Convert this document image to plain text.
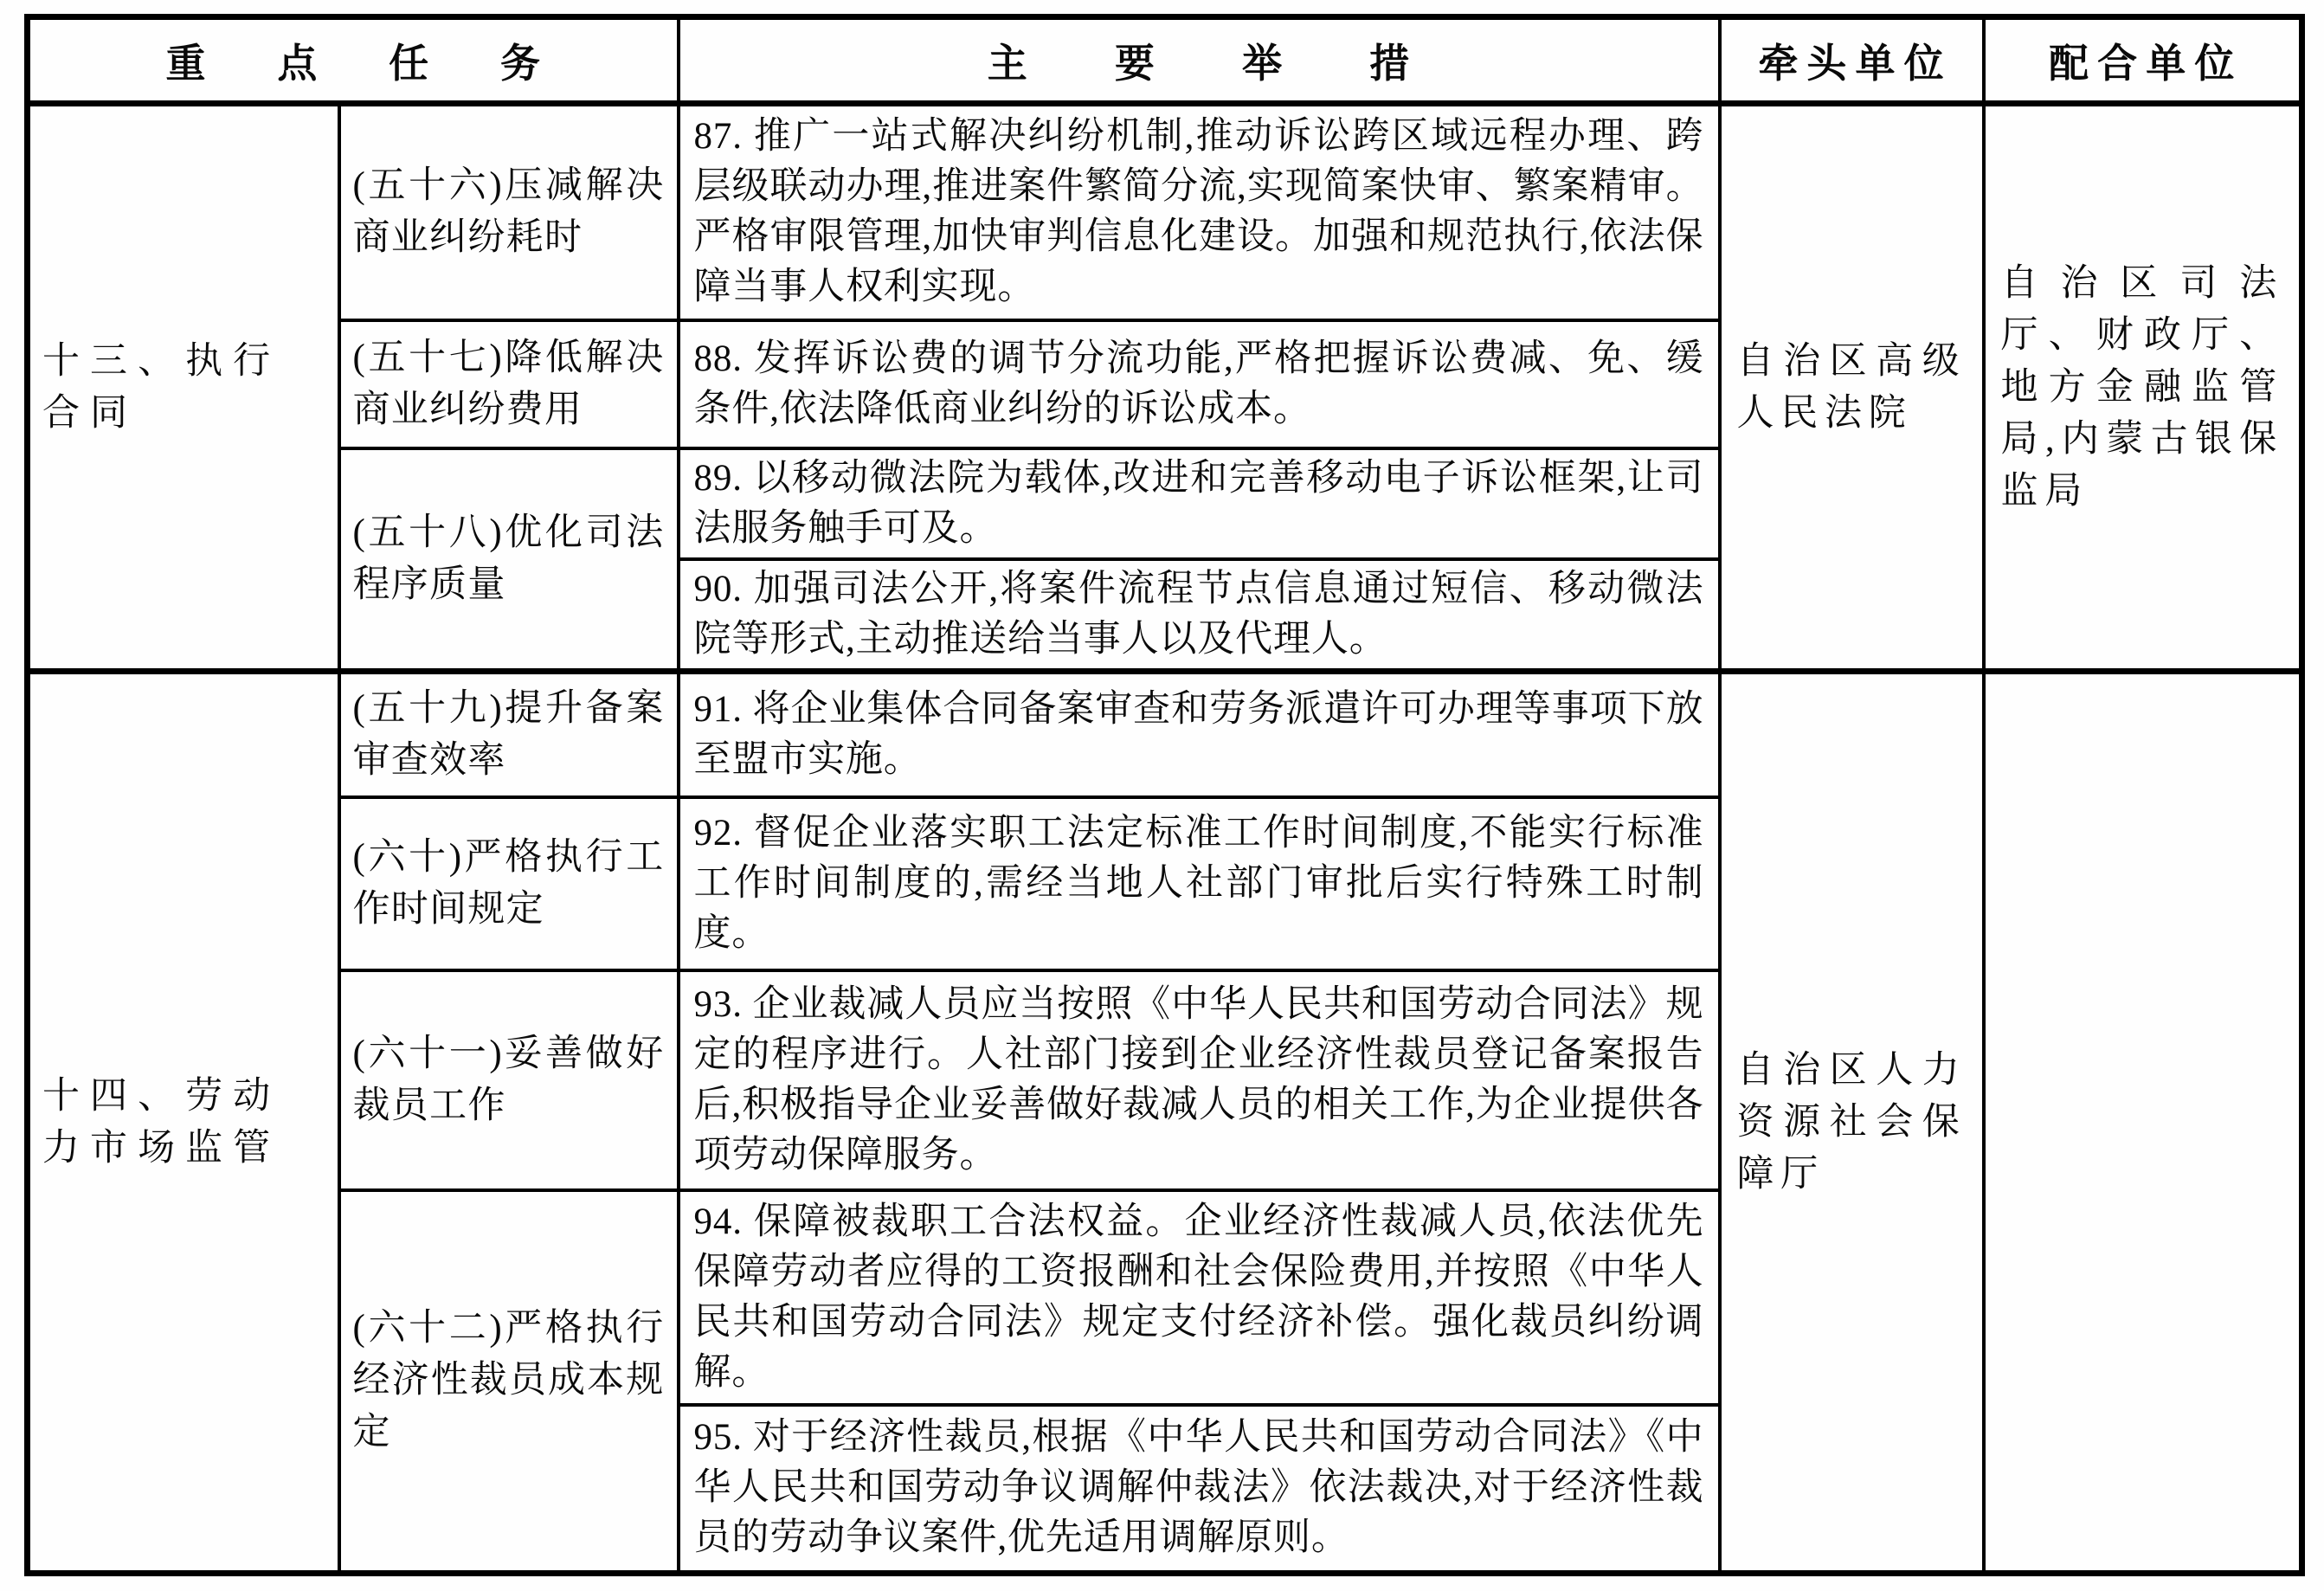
重点任务		主要举措	牵头单位	配合单位
十三、执行合同	(五十六)压减解决商业纠纷耗时	87. 推广一站式解决纠纷机制,推动诉讼跨区域远程办理、跨层级联动办理,推进案件繁简分流,实现简案快审、繁案精审。严格审限管理,加快审判信息化建设。加强和规范执行,依法保障当事人权利实现。	自治区高级人民法院	自治区司法厅、财政厅、地方金融监管局,内蒙古银保监局
	(五十七)降低解决商业纠纷费用	88. 发挥诉讼费的调节分流功能,严格把握诉讼费减、免、缓条件,依法降低商业纠纷的诉讼成本。		
	(五十八)优化司法程序质量	89. 以移动微法院为载体,改进和完善移动电子诉讼框架,让司法服务触手可及。		
		90. 加强司法公开,将案件流程节点信息通过短信、移动微法院等形式,主动推送给当事人以及代理人。		
十四、劳动力市场监管	(五十九)提升备案审查效率	91. 将企业集体合同备案审查和劳务派遣许可办理等事项下放至盟市实施。	自治区人力资源社会保障厅	
	(六十)严格执行工作时间规定	92. 督促企业落实职工法定标准工作时间制度,不能实行标准工作时间制度的,需经当地人社部门审批后实行特殊工时制度。		
	(六十一)妥善做好裁员工作	93. 企业裁减人员应当按照《中华人民共和国劳动合同法》规定的程序进行。人社部门接到企业经济性裁员登记备案报告后,积极指导企业妥善做好裁减人员的相关工作,为企业提供各项劳动保障服务。		
	(六十二)严格执行经济性裁员成本规定	94. 保障被裁职工合法权益。企业经济性裁减人员,依法优先保障劳动者应得的工资报酬和社会保险费用,并按照《中华人民共和国劳动合同法》规定支付经济补偿。强化裁员纠纷调解。		
		95. 对于经济性裁员,根据《中华人民共和国劳动合同法》《中华人民共和国劳动争议调解仲裁法》依法裁决,对于经济性裁员的劳动争议案件,优先适用调解原则。		
